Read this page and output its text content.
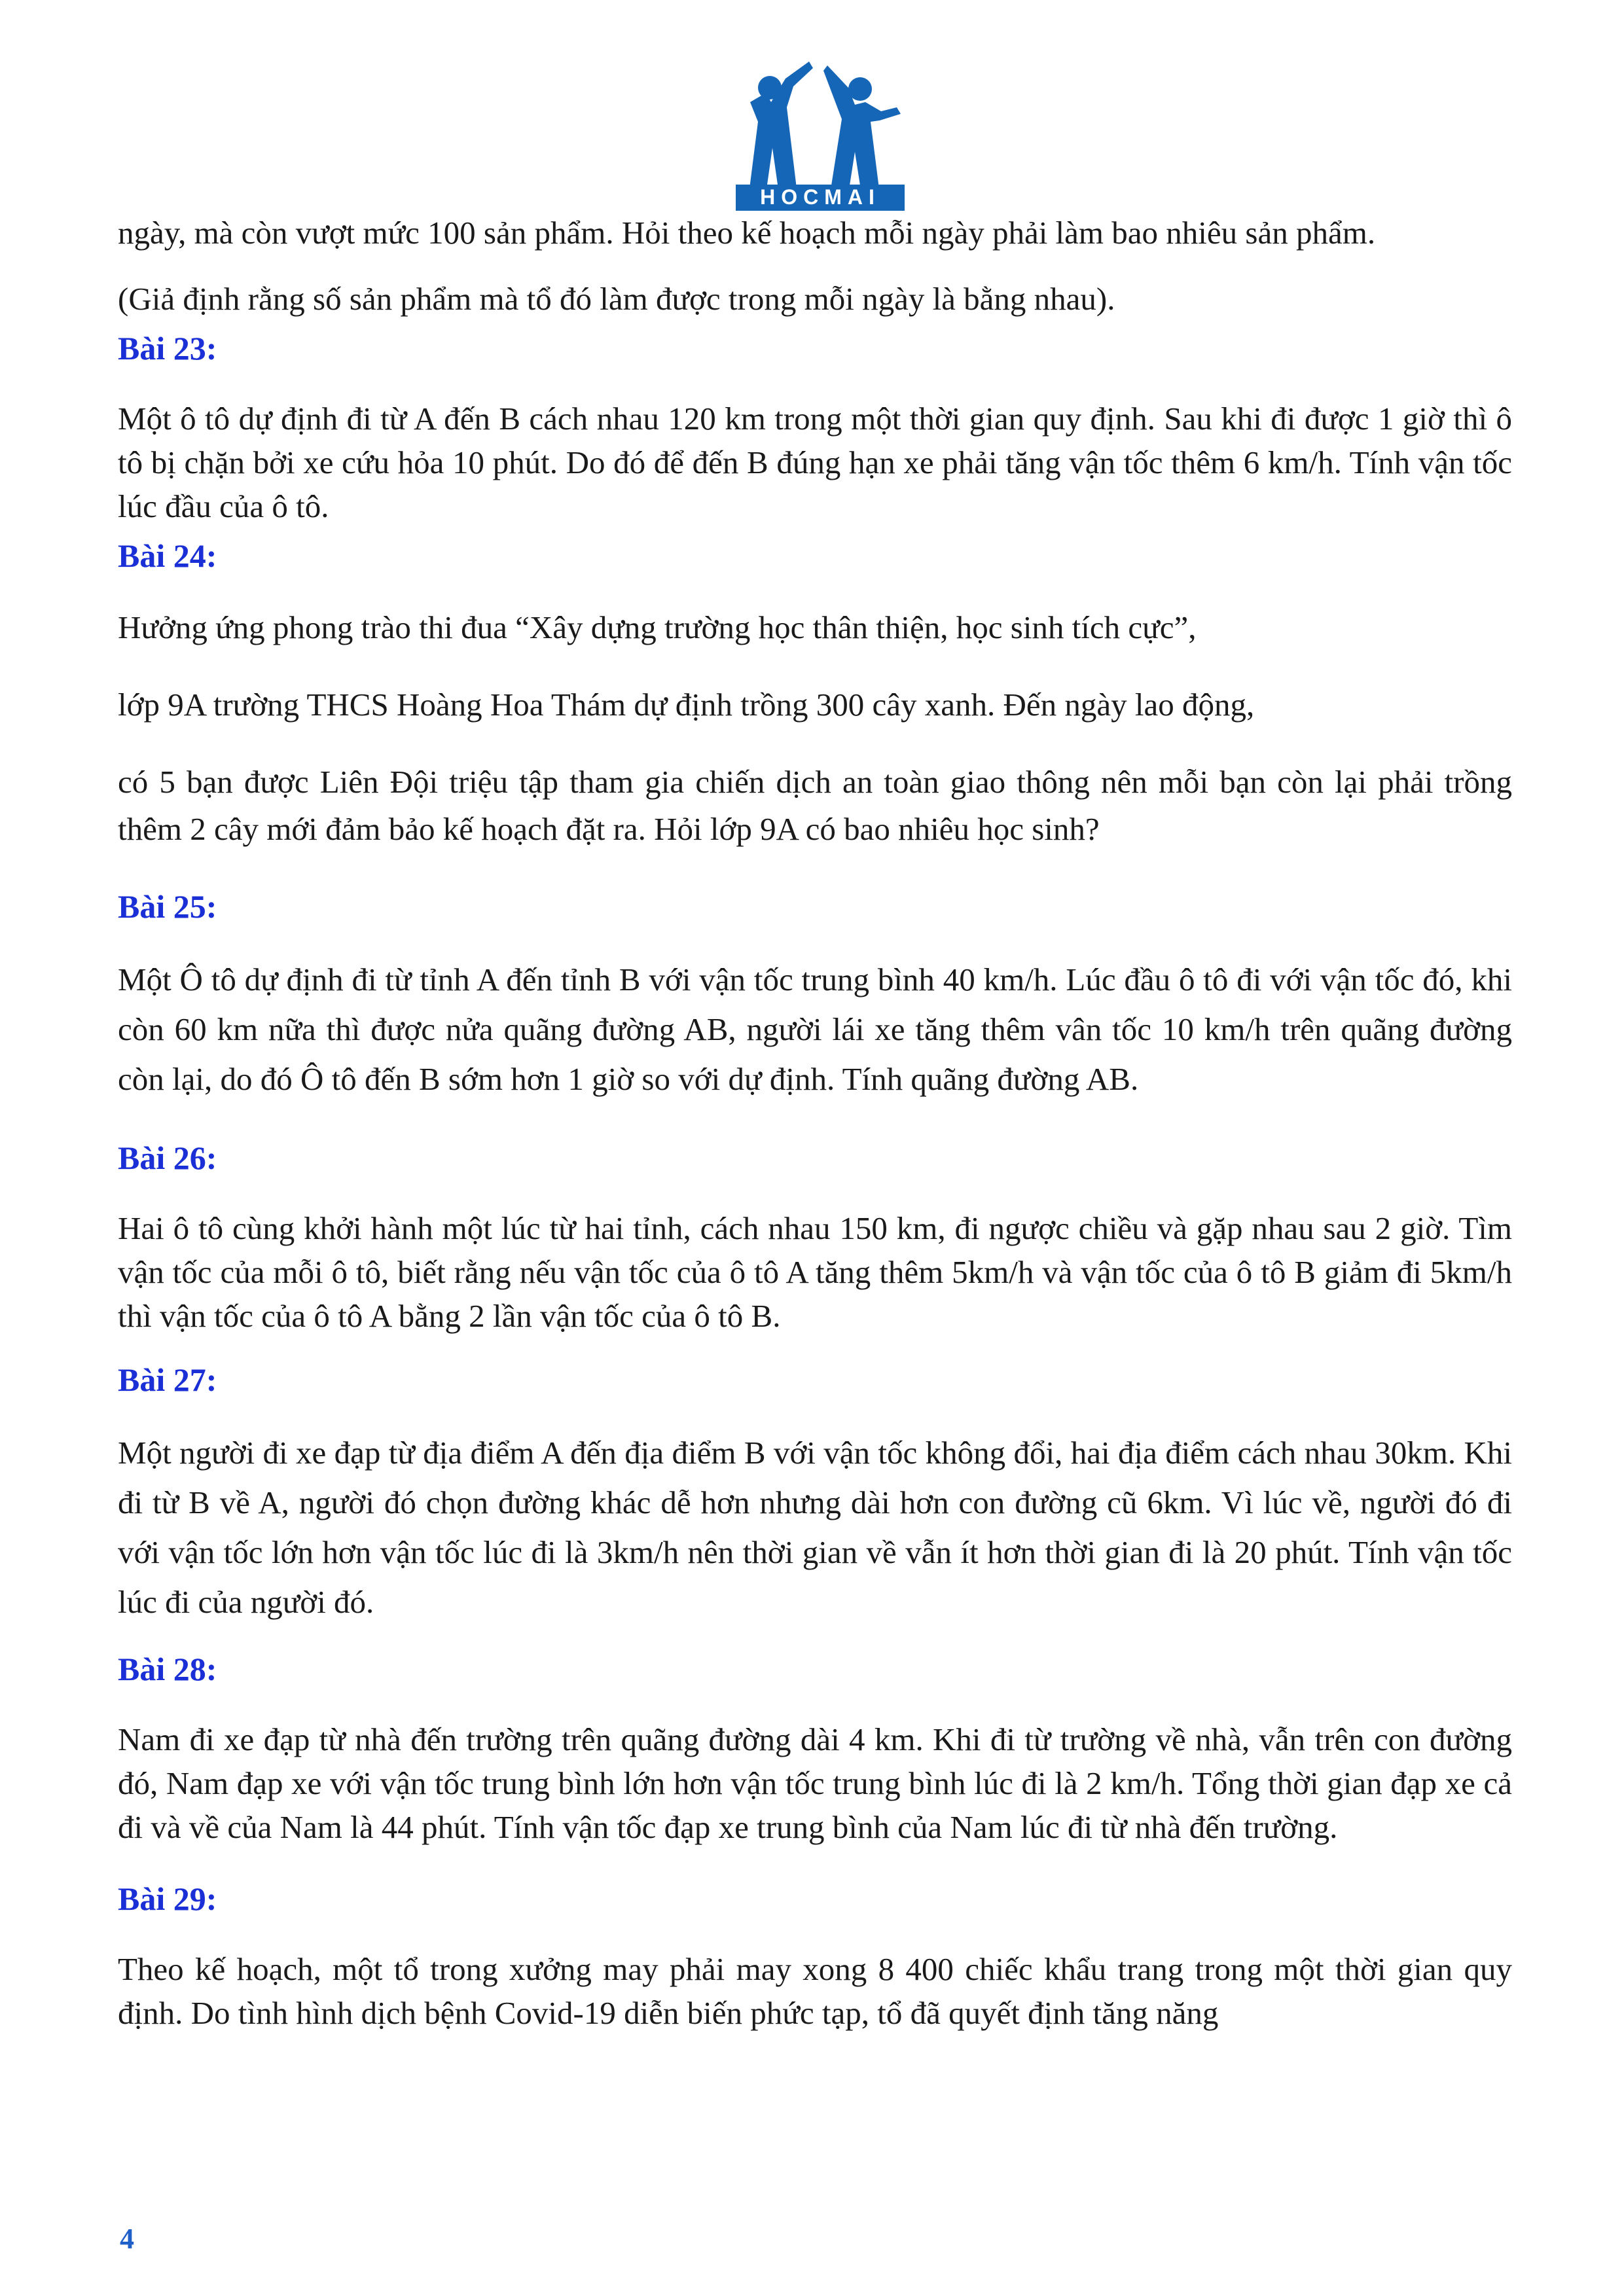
HOCMAI

ngày, mà còn vượt mức 100 sản phẩm. Hỏi theo kế hoạch mỗi ngày phải làm bao nhiêu sản phẩm.

(Giả định rằng số sản phẩm mà tổ đó làm được trong mỗi ngày là bằng nhau).

Bài 23:

Một ô tô dự định đi từ A đến B cách nhau 120 km trong một thời gian quy định. Sau khi đi được 1 giờ thì ô tô bị chặn bởi xe cứu hỏa 10 phút. Do đó để đến B đúng hạn xe phải tăng vận tốc thêm 6 km/h. Tính vận tốc lúc đầu của ô tô.

Bài 24:

Hưởng ứng phong trào thi đua “Xây dựng trường học thân thiện, học sinh tích cực”,

lớp 9A trường THCS Hoàng Hoa Thám dự định trồng 300 cây xanh. Đến ngày lao động,

có 5 bạn được Liên Đội triệu tập tham gia chiến dịch an toàn giao thông nên mỗi bạn còn lại phải trồng thêm 2 cây mới đảm bảo kế hoạch đặt ra. Hỏi lớp 9A có bao nhiêu học sinh?

Bài 25:

Một Ô tô dự định đi từ tỉnh A đến tỉnh B với vận tốc trung bình 40 km/h. Lúc đầu ô tô đi với vận tốc đó, khi còn 60 km nữa thì được nửa quãng đường AB, người lái xe tăng thêm vân tốc 10 km/h trên quãng đường còn lại, do đó Ô tô đến B sớm hơn 1 giờ so với dự định. Tính quãng đường AB.

Bài 26:

Hai ô tô cùng khởi hành một lúc từ hai tỉnh, cách nhau 150 km, đi ngược chiều và gặp nhau sau 2 giờ. Tìm vận tốc của mỗi ô tô, biết rằng nếu vận tốc của ô tô A tăng thêm 5km/h và vận tốc của ô tô B giảm đi 5km/h thì vận tốc của ô tô A bằng 2 lần vận tốc của ô tô B.

Bài 27:

Một người đi xe đạp từ địa điểm A đến địa điểm B với vận tốc không đổi, hai địa điểm cách nhau 30km. Khi đi từ B về A, người đó chọn đường khác dễ hơn nhưng dài hơn con đường cũ 6km. Vì lúc về, người đó đi với vận tốc lớn hơn vận tốc lúc đi là 3km/h nên thời gian về vẫn ít hơn thời gian đi là 20 phút. Tính vận tốc lúc đi của người đó.

Bài 28:

Nam đi xe đạp từ nhà đến trường trên quãng đường dài 4 km. Khi đi từ trường về nhà, vẫn trên con đường đó, Nam đạp xe với vận tốc trung bình lớn hơn vận tốc trung bình lúc đi là 2 km/h. Tổng thời gian đạp xe cả đi và về của Nam là 44 phút. Tính vận tốc đạp xe trung bình của Nam lúc đi từ nhà đến trường.

Bài 29:

Theo kế hoạch, một tổ trong xưởng may phải may xong 8 400 chiếc khẩu trang trong một thời gian quy định. Do tình hình dịch bệnh Covid-19 diễn biến phức tạp, tổ đã quyết định tăng năng

4
